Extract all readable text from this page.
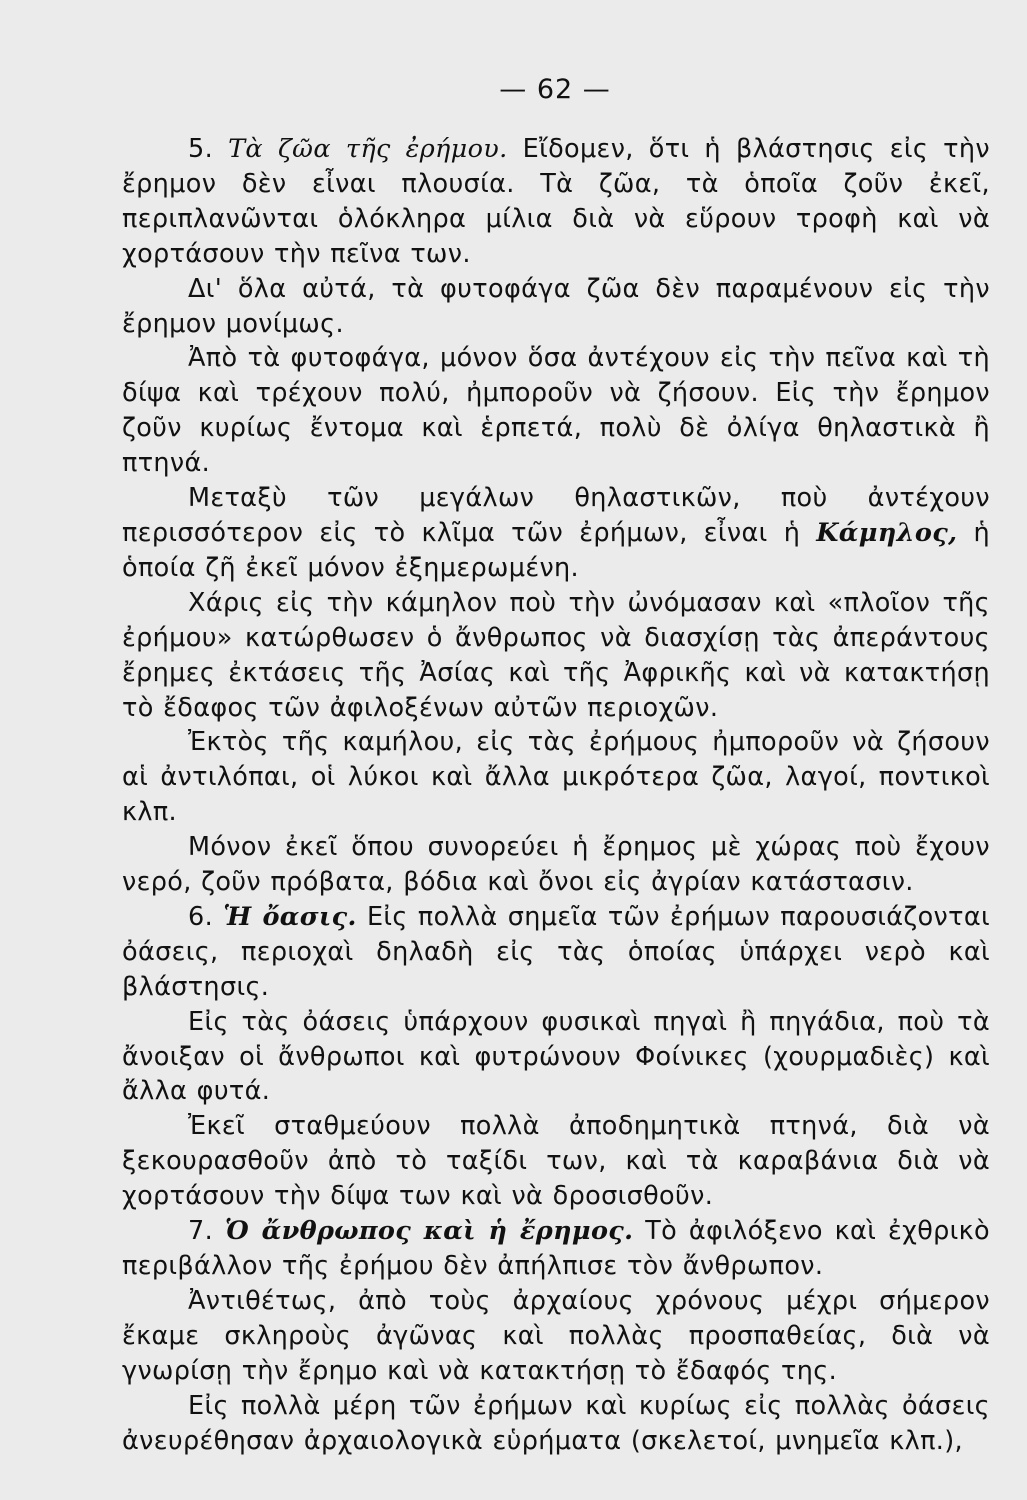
— 62 —

5. Τὰ ζῶα τῆς ἐρήμου. Εἴδομεν, ὅτι ἡ βλάστησις εἰς τὴν ἔρημον δὲν εἶναι πλουσία. Τὰ ζῶα, τὰ ὁποῖα ζοῦν ἐκεῖ, περιπλανῶνται ὁλόκληρα μίλια διὰ νὰ εὕρουν τροφὴ καὶ νὰ χορτάσουν τὴν πεῖνα των.

Δι' ὅλα αὐτά, τὰ φυτοφάγα ζῶα δὲν παραμένουν εἰς τὴν ἔρημον μονίμως.

Ἀπὸ τὰ φυτοφάγα, μόνον ὅσα ἀντέχουν εἰς τὴν πεῖνα καὶ τὴ δίψα καὶ τρέχουν πολύ, ἠμποροῦν νὰ ζήσουν. Εἰς τὴν ἔρημον ζοῦν κυρίως ἔντομα καὶ ἑρπετά, πολὺ δὲ ὀλίγα θηλαστικὰ ἢ πτηνά.

Μεταξὺ τῶν μεγάλων θηλαστικῶν, ποὺ ἀντέχουν περισσότερον εἰς τὸ κλῖμα τῶν ἐρήμων, εἶναι ἡ Κάμηλος, ἡ ὁποία ζῆ ἐκεῖ μόνον ἐξημερωμένη.

Χάρις εἰς τὴν κάμηλον ποὺ τὴν ὠνόμασαν καὶ «πλοῖον τῆς ἐρήμου» κατώρθωσεν ὁ ἄνθρωπος νὰ διασχίσῃ τὰς ἀπεράντους ἔρημες ἐκτάσεις τῆς Ἀσίας καὶ τῆς Ἀφρικῆς καὶ νὰ κατακτήσῃ τὸ ἔδαφος τῶν ἀφιλοξένων αὐτῶν περιοχῶν.

Ἐκτὸς τῆς καμήλου, εἰς τὰς ἐρήμους ἠμποροῦν νὰ ζήσουν αἱ ἀντιλόπαι, οἱ λύκοι καὶ ἄλλα μικρότερα ζῶα, λαγοί, ποντικοὶ κλπ.

Μόνον ἐκεῖ ὅπου συνορεύει ἡ ἔρημος μὲ χώρας ποὺ ἔχουν νερό, ζοῦν πρόβατα, βόδια καὶ ὄνοι εἰς ἀγρίαν κατάστασιν.

6. Ἡ ὄασις. Εἰς πολλὰ σημεῖα τῶν ἐρήμων παρουσιάζονται ὀάσεις, περιοχαὶ δηλαδὴ εἰς τὰς ὁποίας ὑπάρχει νερὸ καὶ βλάστησις.

Εἰς τὰς ὀάσεις ὑπάρχουν φυσικαὶ πηγαὶ ἢ πηγάδια, ποὺ τὰ ἄνοιξαν οἱ ἄνθρωποι καὶ φυτρώνουν Φοίνικες (χουρμαδιὲς) καὶ ἄλλα φυτά.

Ἐκεῖ σταθμεύουν πολλὰ ἀποδημητικὰ πτηνά, διὰ νὰ ξεκουρασθοῦν ἀπὸ τὸ ταξίδι των, καὶ τὰ καραβάνια διὰ νὰ χορτάσουν τὴν δίψα των καὶ νὰ δροσισθοῦν.

7. Ὁ ἄνθρωπος καὶ ἡ ἔρημος. Τὸ ἀφιλόξενο καὶ ἐχθρικὸ περιβάλλον τῆς ἐρήμου δὲν ἀπήλπισε τὸν ἄνθρωπον.

Ἀντιθέτως, ἀπὸ τοὺς ἀρχαίους χρόνους μέχρι σήμερον ἔκαμε σκληροὺς ἀγῶνας καὶ πολλὰς προσπαθείας, διὰ νὰ γνωρίσῃ τὴν ἔρημο καὶ νὰ κατακτήσῃ τὸ ἔδαφός της.

Εἰς πολλὰ μέρη τῶν ἐρήμων καὶ κυρίως εἰς πολλὰς ὀάσεις ἀνευρέθησαν ἀρχαιολογικὰ εὑρήματα (σκελετοί, μνημεῖα κλπ.),
